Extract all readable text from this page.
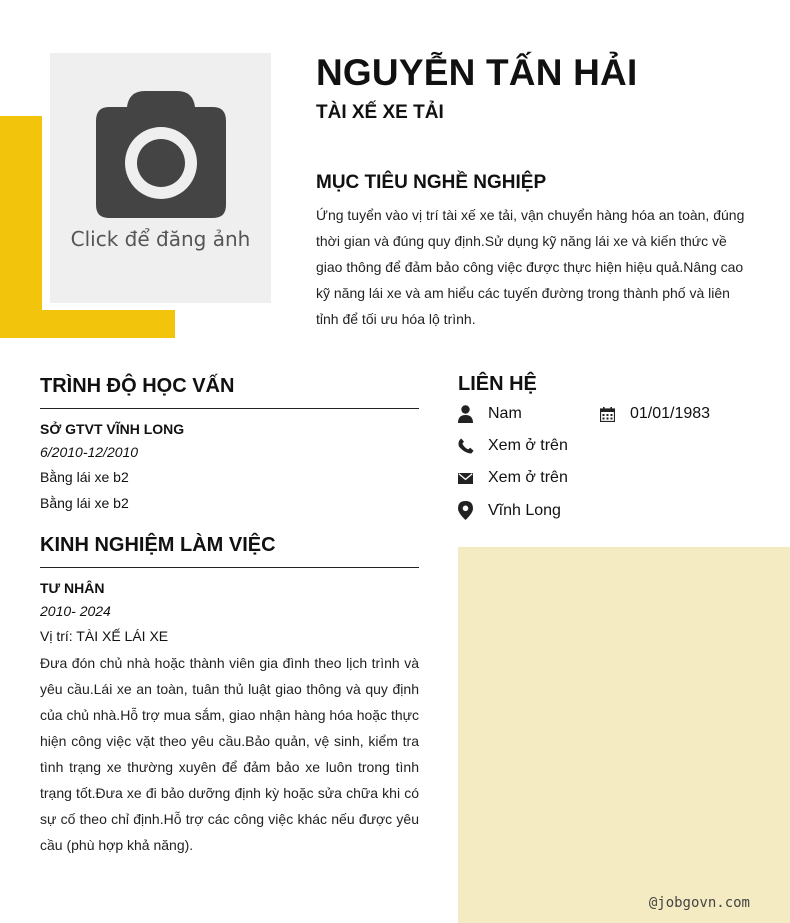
Click để đăng ảnh
NGUYỄN TẤN HẢI
TÀI XẾ XE TẢI
MỤC TIÊU NGHỀ NGHIỆP
Ứng tuyển vào vị trí tài xế xe tải, vận chuyển hàng hóa an toàn, đúng thời gian và đúng quy định.Sử dụng kỹ năng lái xe và kiến thức về giao thông để đảm bảo công việc được thực hiện hiệu quả.Nâng cao kỹ năng lái xe và am hiểu các tuyến đường trong thành phố và liên tỉnh để tối ưu hóa lộ trình.
TRÌNH ĐỘ HỌC VẤN
SỞ GTVT VĨNH LONG
6/2010-12/2010
Bằng lái xe b2
Bằng lái xe b2
KINH NGHIỆM LÀM VIỆC
TƯ NHÂN
2010- 2024
Vị trí: TÀI XẾ LÁI XE
Đưa đón chủ nhà hoặc thành viên gia đình theo lịch trình và yêu cầu.Lái xe an toàn, tuân thủ luật giao thông và quy định của chủ nhà.Hỗ trợ mua sắm, giao nhận hàng hóa hoặc thực hiện công việc vặt theo yêu cầu.Bảo quản, vệ sinh, kiểm tra tình trạng xe thường xuyên để đảm bảo xe luôn trong tình trạng tốt.Đưa xe đi bảo dưỡng định kỳ hoặc sửa chữa khi có sự cố theo chỉ định.Hỗ trợ các công việc khác nếu được yêu cầu (phù hợp khả năng).
LIÊN HỆ
Nam	01/01/1983
Xem ở trên
Xem ở trên
Vĩnh Long
@jobgovn.com
